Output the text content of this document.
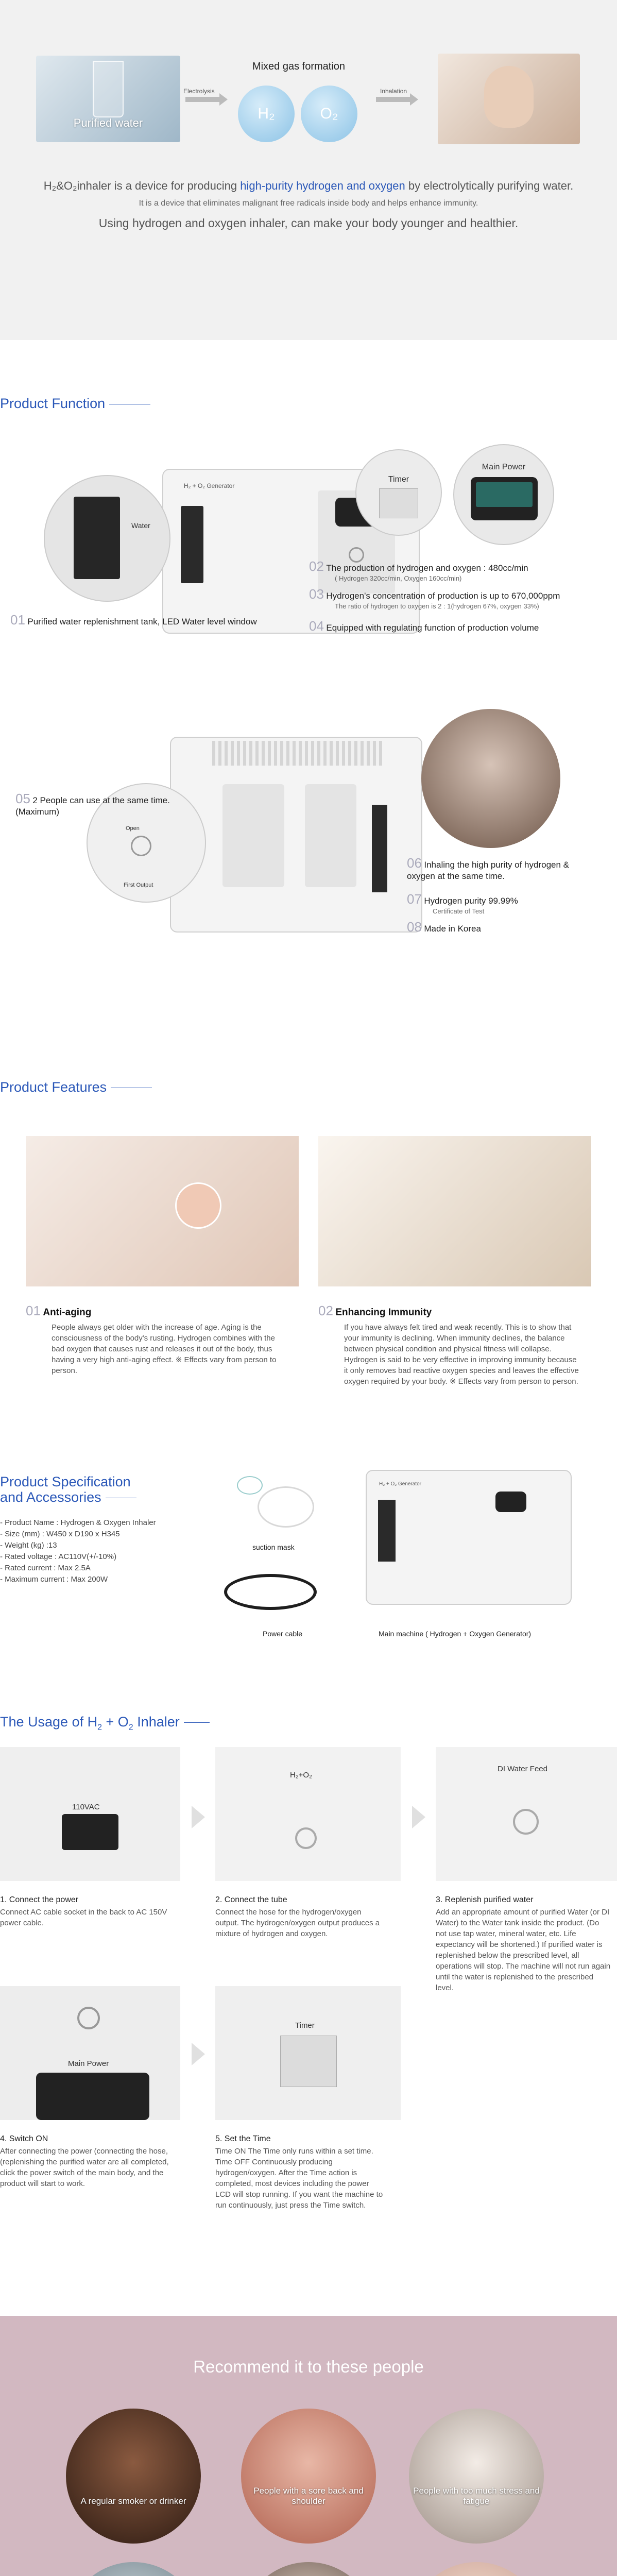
Purified water
Electrolysis
Mixed gas formation
H₂	O₂
Inhalation
H₂&O₂inhaler is a device for producing high-purity hydrogen and oxygen by electrolytically purifying water.
It is a device that eliminates malignant free radicals inside body and helps enhance immunity.
Using hydrogen and oxygen inhaler, can make your body younger and healthier.
Product Function
H₂ + O₂ Generator
Water
Timer
Main Power
01 Purified water replenishment tank, LED Water level window
02 The production of hydrogen and oxygen : 480cc/min
( Hydrogen 320cc/min, Oxygen 160cc/min)
03 Hydrogen's concentration of production is up to 670,000ppm
The ratio of hydrogen to oxygen is 2 : 1(hydrogen 67%, oxygen 33%)
04 Equipped with regulating function of production volume
Open
First Output
05 2 People can use at the same time. (Maximum)
06 Inhaling the high purity of hydrogen & oxygen at the same time.
07 Hydrogen purity 99.99%
Certificate of Test
08 Made in Korea
Product Features
01 Anti-aging
People always get older with the increase of age. Aging is the consciousness of the body's rusting. Hydrogen combines with the bad oxygen that causes rust and releases it out of the body, thus having a very high anti-aging effect. ※ Effects vary from person to person.
02 Enhancing Immunity
If you have always felt tired and weak recently. This is to show that your immunity is declining. When immunity declines, the balance between physical condition and physical fitness will collapse. Hydrogen is said to be very effective in improving immunity because it only removes bad reactive oxygen species and leaves the effective oxygen required by your body. ※ Effects vary from person to person.
Product Specification
and Accessories
- Product Name : Hydrogen & Oxygen Inhaler
- Size (mm) : W450 x D190 x H345
- Weight (kg) :13
- Rated voltage : AC110V(+/-10%)
- Rated current : Max 2.5A
- Maximum current : Max 200W
suction mask
Power cable
H₂ + O₂ Generator
Main machine ( Hydrogen + Oxygen Generator)
The Usage of $H_2 + O_2$ Inhaler
110VAC
1. Connect the power
Connect AC cable socket in the back to AC 150V power cable.
H₂+O₂
2. Connect the tube
Connect the hose for the hydrogen/oxygen output. The hydrogen/oxygen output produces a mixture of hydrogen and oxygen.
DI Water Feed
3. Replenish purified water
Add an appropriate amount of purified Water (or DI Water) to the Water tank inside the product. (Do not use tap water, mineral water, etc. Life expectancy will be shortened.) If purified water is replenished below the prescribed level, all operations will stop. The machine will not run again until the water is replenished to the prescribed level.
Main Power
4. Switch ON
After connecting the power (connecting the hose, (replenishing the purified water are all completed, click the power switch of the main body, and the product will start to work.
Timer
5. Set the Time
Time ON The Time only runs within a set time. Time OFF Continuously producing hydrogen/oxygen. After the Time action is completed, most devices including the power LCD will stop running. If you want the machine to run continuously, just press the Time switch.
Recommend it to these people
A regular smoker or drinker
People with a sore back and shoulder
People with too much stress and fatigue
